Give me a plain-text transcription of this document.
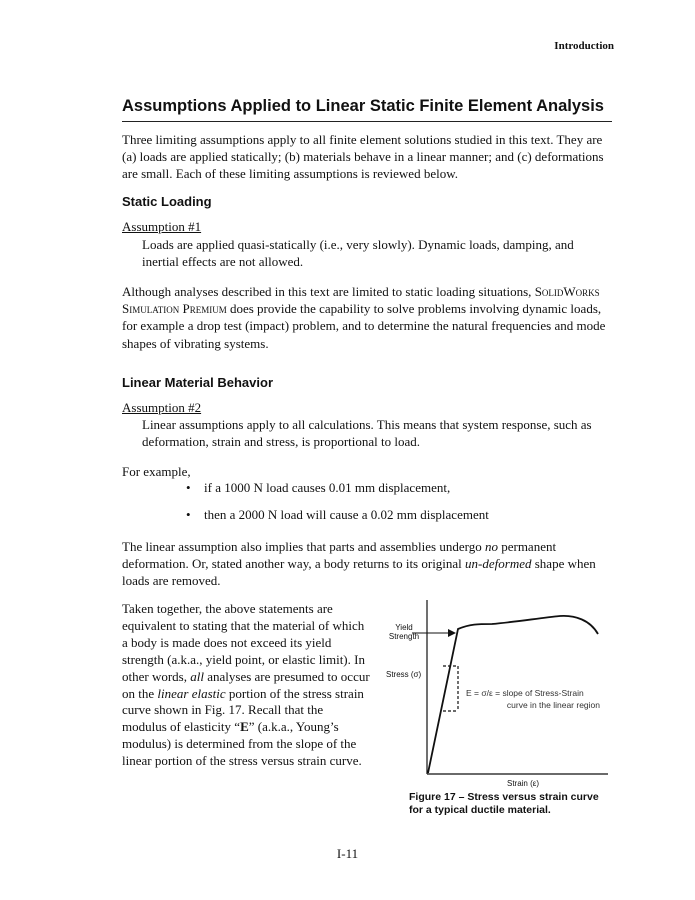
Introduction
Assumptions Applied to Linear Static Finite Element Analysis
Three limiting assumptions apply to all finite element solutions studied in this text. They are (a) loads are applied statically; (b) materials behave in a linear manner; and (c) deformations are small. Each of these limiting assumptions is reviewed below.
Static Loading
Assumption #1
Loads are applied quasi-statically (i.e., very slowly). Dynamic loads, damping, and inertial effects are not allowed.
Although analyses described in this text are limited to static loading situations, SolidWorks Simulation Premium does provide the capability to solve problems involving dynamic loads, for example a drop test (impact) problem, and to determine the natural frequencies and mode shapes of vibrating systems.
Linear Material Behavior
Assumption #2
Linear assumptions apply to all calculations. This means that system response, such as deformation, strain and stress, is proportional to load.
For example,
• if a 1000 N load causes 0.01 mm displacement,
• then a 2000 N load will cause a 0.02 mm displacement
The linear assumption also implies that parts and assemblies undergo no permanent deformation. Or, stated another way, a body returns to its original un-deformed shape when loads are removed.
Taken together, the above statements are equivalent to stating that the material of which a body is made does not exceed its yield strength (a.k.a., yield point, or elastic limit). In other words, all analyses are presumed to occur on the linear elastic portion of the stress strain curve shown in Fig. 17. Recall that the modulus of elasticity “E” (a.k.a., Young’s modulus) is determined from the slope of the linear portion of the stress versus strain curve.
Yield
Strength
Stress (σ)
E = σ/ε = slope of Stress-Strain
curve in the linear region
Strain (ε)
Figure 17 – Stress versus strain curve
for a typical ductile material.
I-11
